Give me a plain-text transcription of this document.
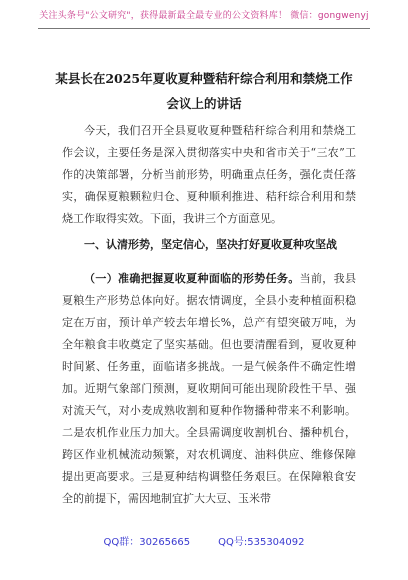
关注头条号"公文研究"，获得最新最全最专业的公文资料库！ 微信：gongwenyj
某县长在2025年夏收夏种暨秸秆综合利用和禁烧工作会议上的讲话

今天，我们召开全县夏收夏种暨秸秆综合利用和禁烧工作会议，主要任务是深入贯彻落实中央和省市关于“三农”工作的决策部署，分析当前形势，明确重点任务，强化责任落实，确保夏粮颗粒归仓、夏种顺利推进、秸秆综合利用和禁烧工作取得实效。下面，我讲三个方面意见。

一、认清形势，坚定信心，坚决打好夏收夏种攻坚战

（一）准确把握夏收夏种面临的形势任务。当前，我县夏粮生产形势总体向好。据农情调度，全县小麦种植面积稳定在万亩，预计单产较去年增长%，总产有望突破万吨，为全年粮食丰收奠定了坚实基础。但也要清醒看到，夏收夏种时间紧、任务重，面临诸多挑战。一是气候条件不确定性增加。近期气象部门预测，夏收期间可能出现阶段性干旱、强对流天气，对小麦成熟收割和夏种作物播种带来不利影响。二是农机作业压力加大。全县需调度收割机台、播种机台，跨区作业机械流动频繁，对农机调度、油料供应、维修保障提出更高要求。三是夏种结构调整任务艰巨。在保障粮食安全的前提下，需因地制宜扩大大豆、玉米带

QQ群：30265665	QQ号:535304092
